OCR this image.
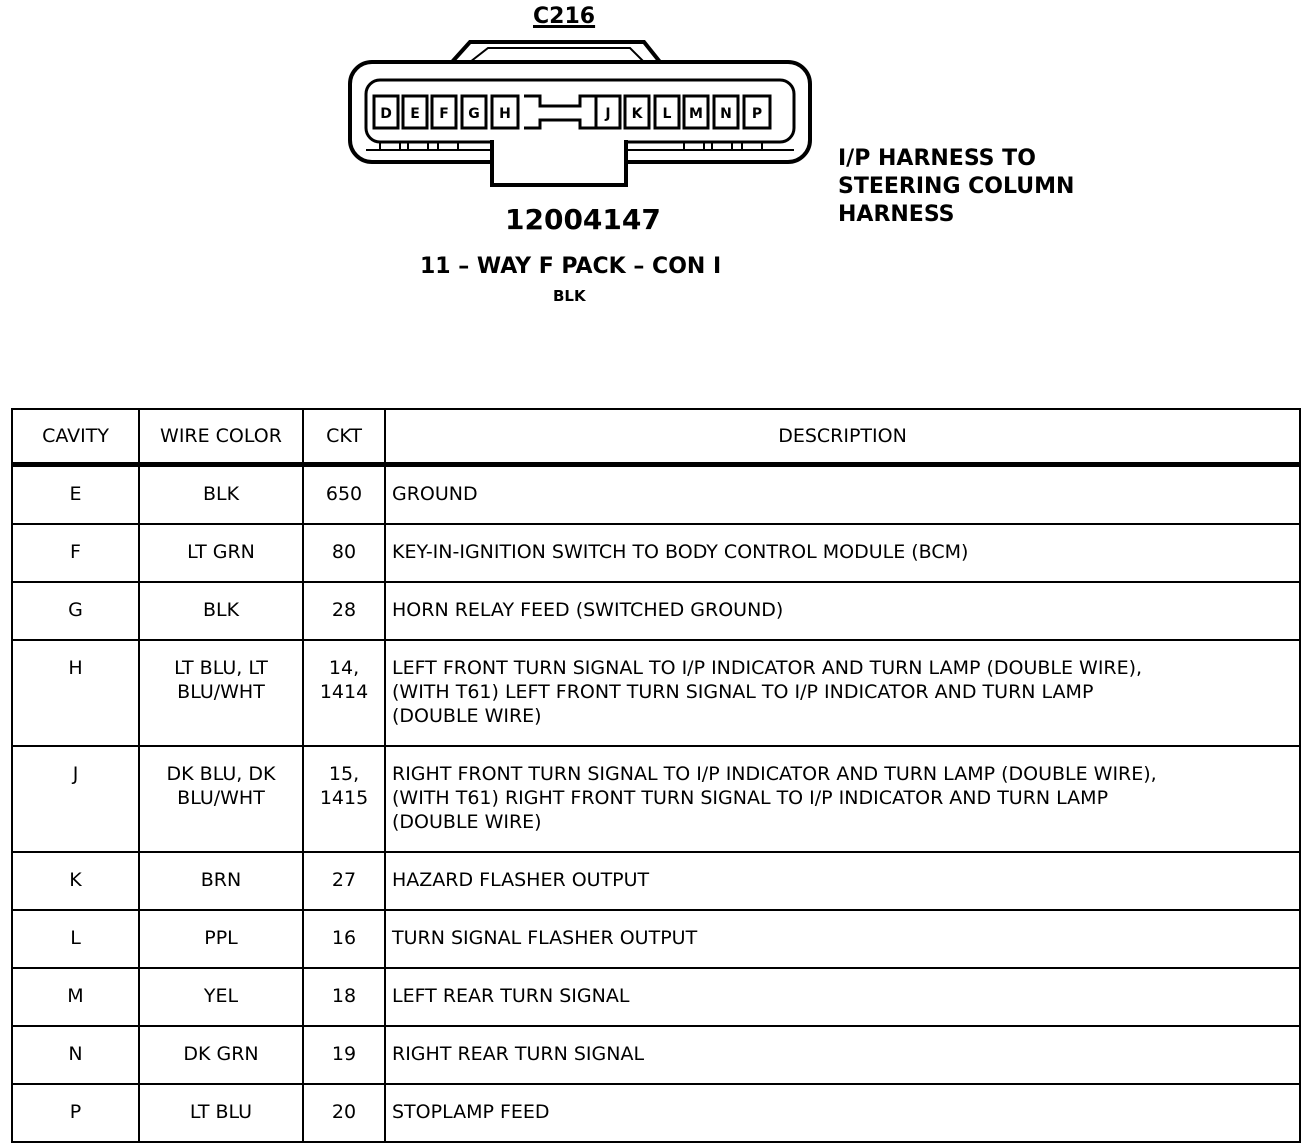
C216
D E F G H	J K L M N P
12004147
11 – WAY F PACK – CON I
BLK
I/P HARNESS TO
STEERING COLUMN
HARNESS
CAVITY	WIRE COLOR	CKT	DESCRIPTION

E	BLK	650	GROUND

F	LT GRN	80	KEY-IN-IGNITION SWITCH TO BODY CONTROL MODULE (BCM)

G	BLK	28	HORN RELAY FEED (SWITCHED GROUND)

H	LT BLU, LT
BLU/WHT	14,
1414	LEFT FRONT TURN SIGNAL TO I/P INDICATOR AND TURN LAMP (DOUBLE WIRE),
(WITH T61) LEFT FRONT TURN SIGNAL TO I/P INDICATOR AND TURN LAMP
(DOUBLE WIRE)

J	DK BLU, DK
BLU/WHT	15,
1415	RIGHT FRONT TURN SIGNAL TO I/P INDICATOR AND TURN LAMP (DOUBLE WIRE),
(WITH T61) RIGHT FRONT TURN SIGNAL TO I/P INDICATOR AND TURN LAMP
(DOUBLE WIRE)

K	BRN	27	HAZARD FLASHER OUTPUT

L	PPL	16	TURN SIGNAL FLASHER OUTPUT

M	YEL	18	LEFT REAR TURN SIGNAL

N	DK GRN	19	RIGHT REAR TURN SIGNAL

P	LT BLU	20	STOPLAMP FEED
